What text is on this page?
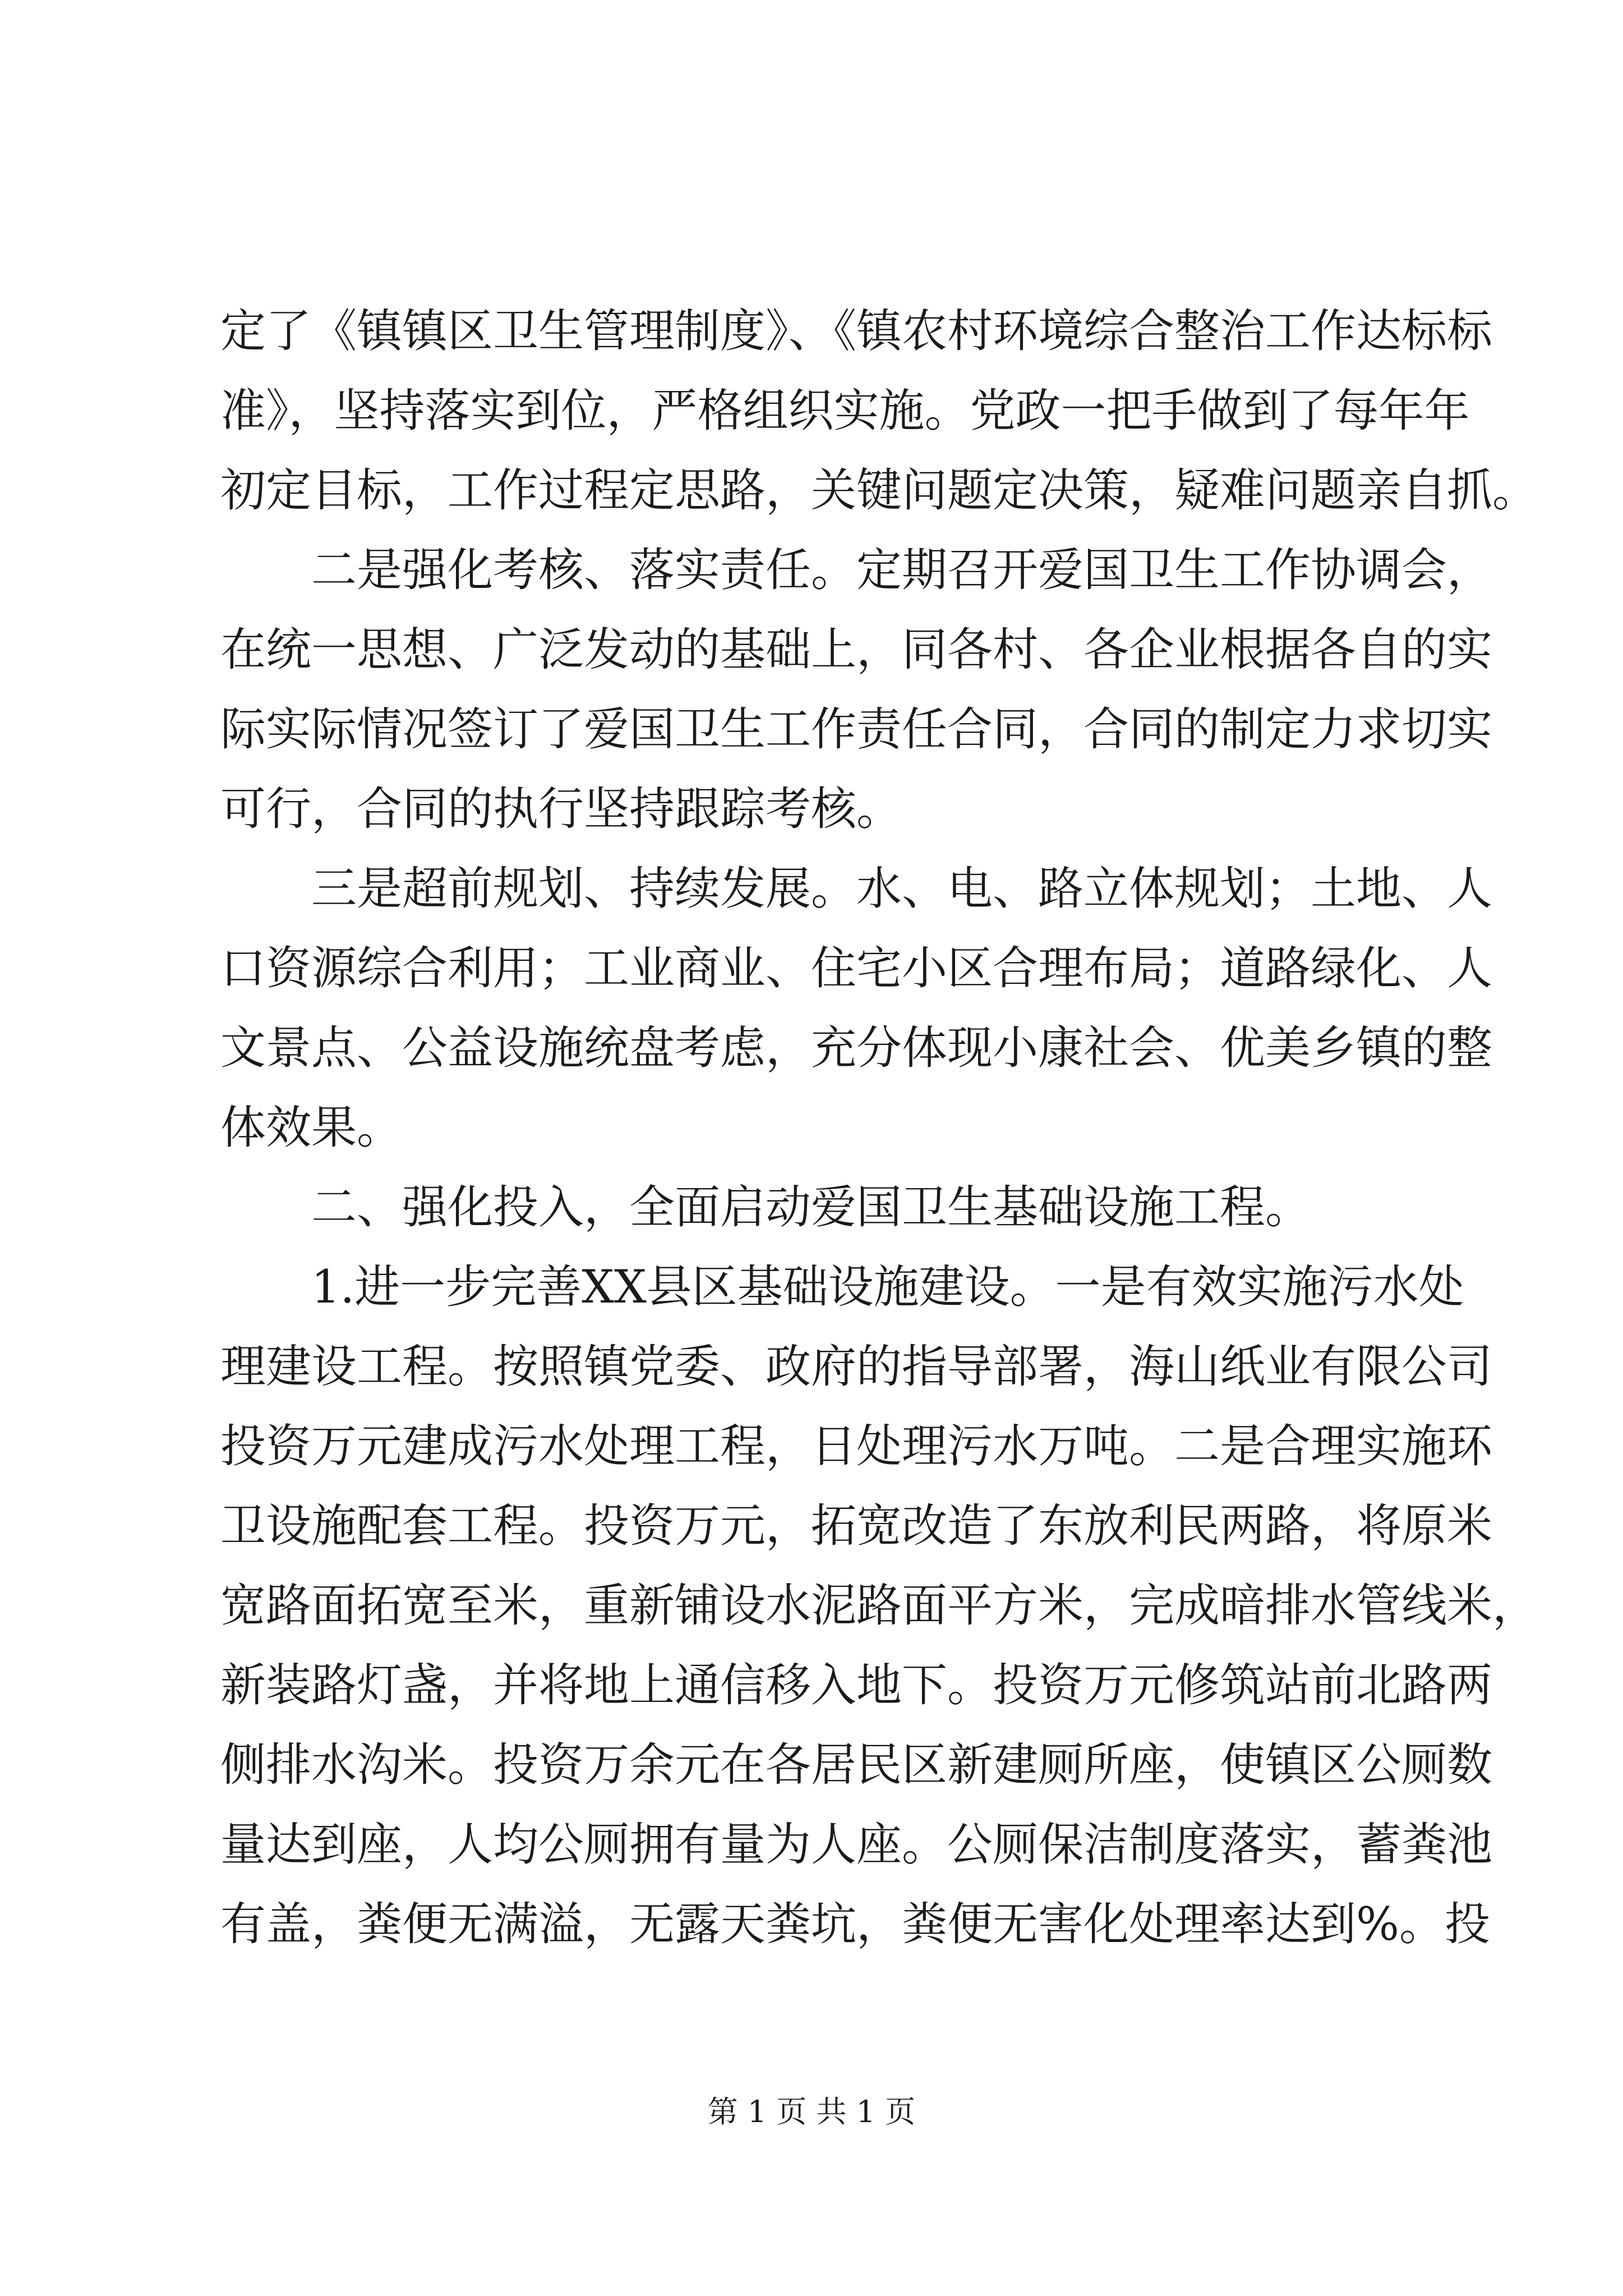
定了《镇镇区卫生管理制度》、《镇农村环境综合整治工作达标标
准》，坚持落实到位，严格组织实施。党政一把手做到了每年年
初定目标，工作过程定思路，关键问题定决策，疑难问题亲自抓。
二是强化考核、落实责任。定期召开爱国卫生工作协调会，
在统一思想、广泛发动的基础上，同各村、各企业根据各自的实
际实际情况签订了爱国卫生工作责任合同，合同的制定力求切实
可行，合同的执行坚持跟踪考核。
三是超前规划、持续发展。水、电、路立体规划；土地、人
口资源综合利用；工业商业、住宅小区合理布局；道路绿化、人
文景点、公益设施统盘考虑，充分体现小康社会、优美乡镇的整
体效果。
二、强化投入，全面启动爱国卫生基础设施工程。
1.进一步完善XX县区基础设施建设。一是有效实施污水处
理建设工程。按照镇党委、政府的指导部署，海山纸业有限公司
投资万元建成污水处理工程，日处理污水万吨。二是合理实施环
卫设施配套工程。投资万元，拓宽改造了东放利民两路，将原米
宽路面拓宽至米，重新铺设水泥路面平方米，完成暗排水管线米，
新装路灯盏，并将地上通信移入地下。投资万元修筑站前北路两
侧排水沟米。投资万余元在各居民区新建厕所座，使镇区公厕数
量达到座，人均公厕拥有量为人座。公厕保洁制度落实，蓄粪池
有盖，粪便无满溢，无露天粪坑，粪便无害化处理率达到%。投
第 1 页 共 1 页
